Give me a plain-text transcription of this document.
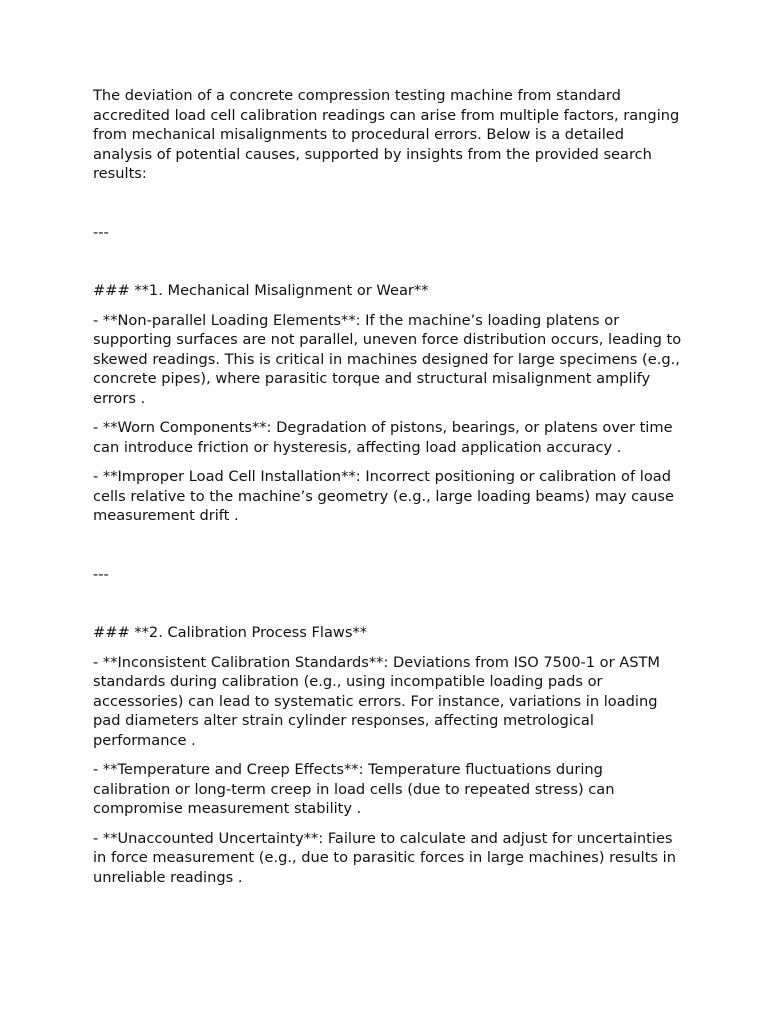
The deviation of a concrete compression testing machine from standard accredited load cell calibration readings can arise from multiple factors, ranging from mechanical misalignments to procedural errors. Below is a detailed analysis of potential causes, supported by insights from the provided search results:

---

### **1. Mechanical Misalignment or Wear**

- **Non-parallel Loading Elements**: If the machine’s loading platens or supporting surfaces are not parallel, uneven force distribution occurs, leading to skewed readings. This is critical in machines designed for large specimens (e.g., concrete pipes), where parasitic torque and structural misalignment amplify errors .

- **Worn Components**: Degradation of pistons, bearings, or platens over time can introduce friction or hysteresis, affecting load application accuracy .

- **Improper Load Cell Installation**: Incorrect positioning or calibration of load cells relative to the machine’s geometry (e.g., large loading beams) may cause measurement drift .

---

### **2. Calibration Process Flaws**

- **Inconsistent Calibration Standards**: Deviations from ISO 7500-1 or ASTM standards during calibration (e.g., using incompatible loading pads or accessories) can lead to systematic errors. For instance, variations in loading pad diameters alter strain cylinder responses, affecting metrological performance .

- **Temperature and Creep Effects**: Temperature fluctuations during calibration or long-term creep in load cells (due to repeated stress) can compromise measurement stability .

- **Unaccounted Uncertainty**: Failure to calculate and adjust for uncertainties in force measurement (e.g., due to parasitic forces in large machines) results in unreliable readings .
